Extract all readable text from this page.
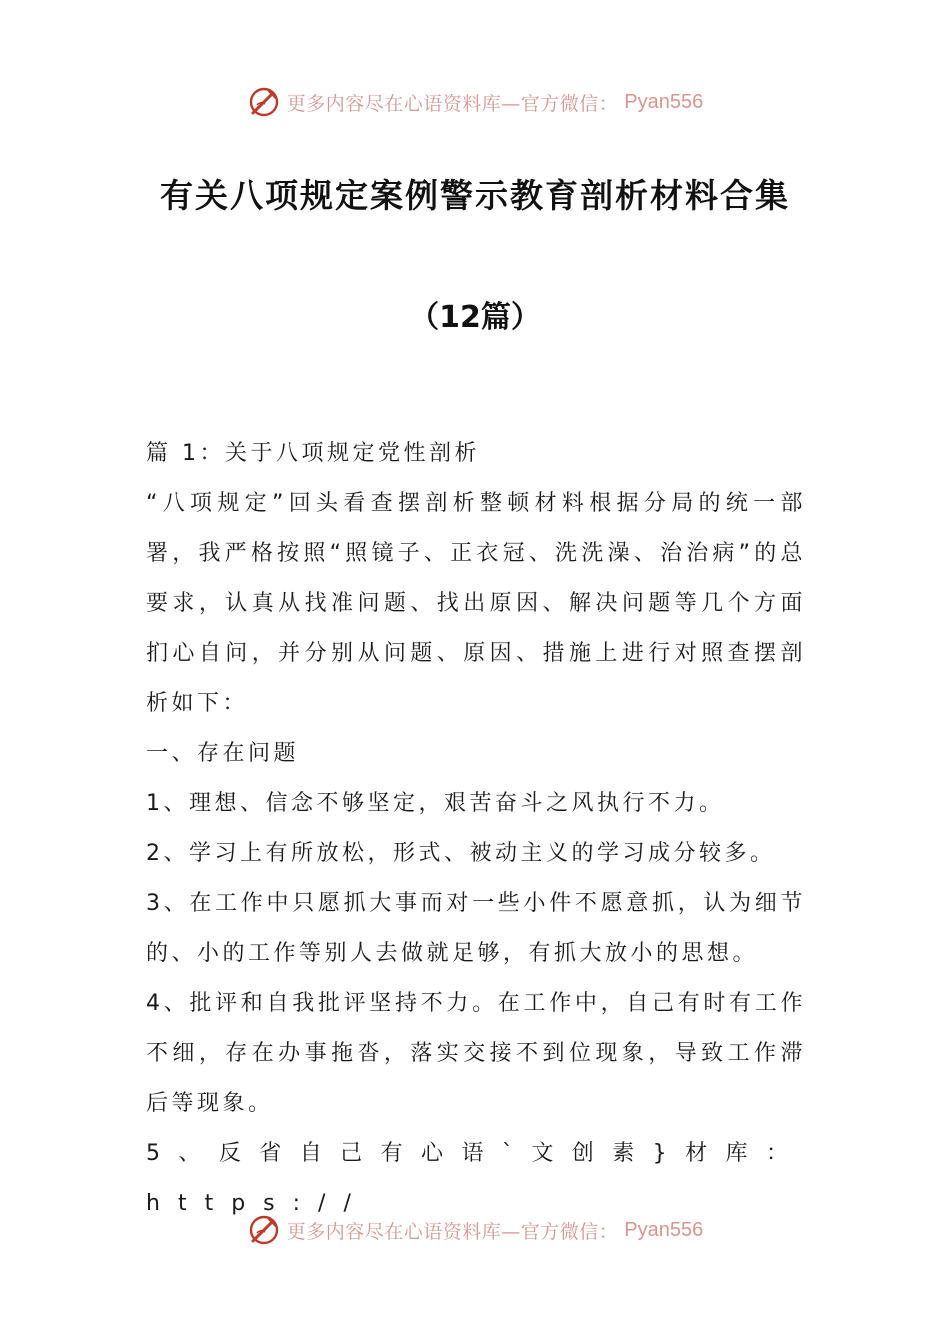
更多内容尽在心语资料库—官方微信： Pyan556
有关八项规定案例警示教育剖析材料合集
（12篇）

篇 1：关于八项规定党性剖析

“八项规定”回头看查摆剖析整顿材料根据分局的统一部署，我严格按照“照镜子、正衣冠、洗洗澡、治治病”的总要求，认真从找准问题、找出原因、解决问题等几个方面扪心自问，并分别从问题、原因、措施上进行对照查摆剖析如下：

一、存在问题

1、理想、信念不够坚定，艰苦奋斗之风执行不力。

2、学习上有所放松，形式、被动主义的学习成分较多。

3、在工作中只愿抓大事而对一些小件不愿意抓，认为细节的、小的工作等别人去做就足够，有抓大放小的思想。

4、批评和自我批评坚持不力。在工作中，自己有时有工作不细，存在办事拖沓，落实交接不到位现象，导致工作滞后等现象。

5、反省自己有心语`文创素}材库：https://

更多内容尽在心语资料库—官方微信： Pyan556
